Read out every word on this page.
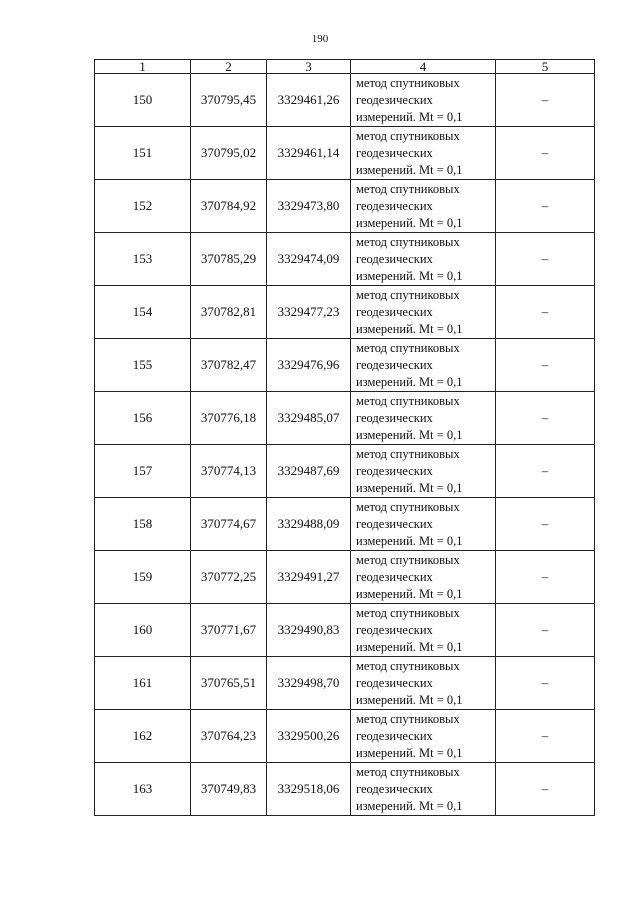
190
1	2	3	4	5
150	370795,45	3329461,26	метод спутниковых
геодезических
измерений. Mt = 0,1	–
151	370795,02	3329461,14	метод спутниковых
геодезических
измерений. Mt = 0,1	–
152	370784,92	3329473,80	метод спутниковых
геодезических
измерений. Mt = 0,1	–
153	370785,29	3329474,09	метод спутниковых
геодезических
измерений. Mt = 0,1	–
154	370782,81	3329477,23	метод спутниковых
геодезических
измерений. Mt = 0,1	–
155	370782,47	3329476,96	метод спутниковых
геодезических
измерений. Mt = 0,1	–
156	370776,18	3329485,07	метод спутниковых
геодезических
измерений. Mt = 0,1	–
157	370774,13	3329487,69	метод спутниковых
геодезических
измерений. Mt = 0,1	–
158	370774,67	3329488,09	метод спутниковых
геодезических
измерений. Mt = 0,1	–
159	370772,25	3329491,27	метод спутниковых
геодезических
измерений. Mt = 0,1	–
160	370771,67	3329490,83	метод спутниковых
геодезических
измерений. Mt = 0,1	–
161	370765,51	3329498,70	метод спутниковых
геодезических
измерений. Mt = 0,1	–
162	370764,23	3329500,26	метод спутниковых
геодезических
измерений. Mt = 0,1	–
163	370749,83	3329518,06	метод спутниковых
геодезических
измерений. Mt = 0,1	–
